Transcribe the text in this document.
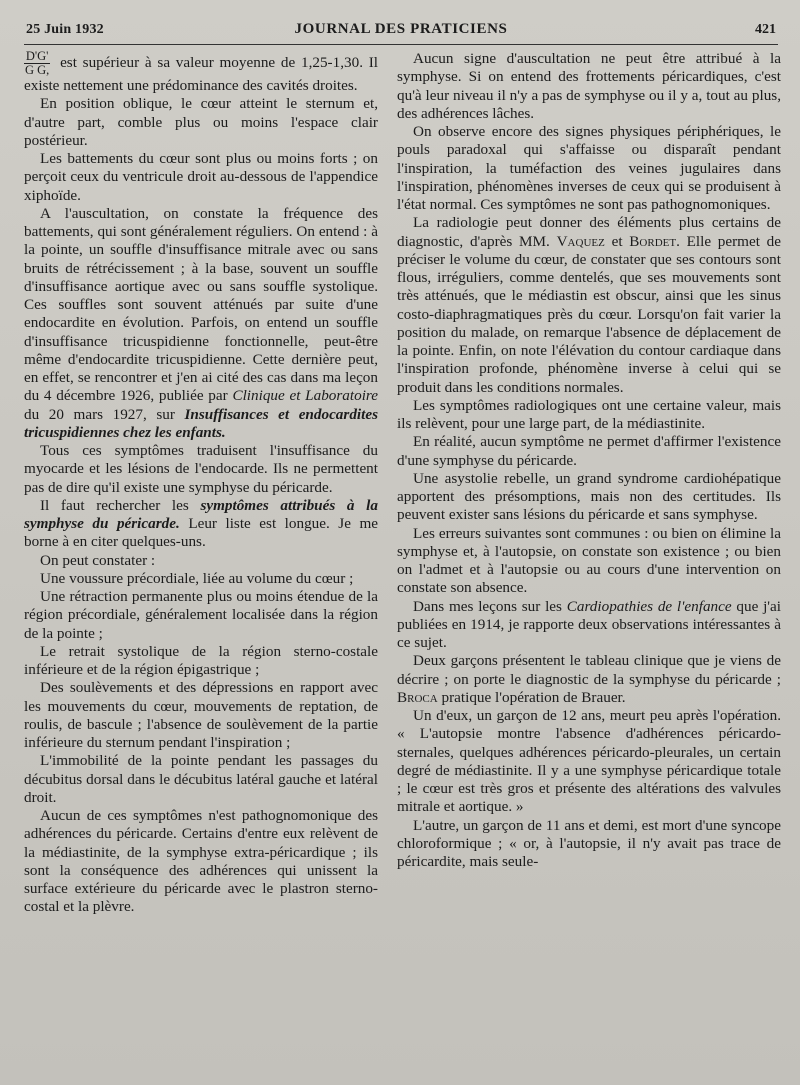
25 Juin 1932	JOURNAL DES PRATICIENS	421

$\frac{D'G'}{\text{G G,}}$ est supérieur à sa valeur moyenne de 1,25-1,30. Il existe nettement une prédominance des cavités droites.

En position oblique, le cœur atteint le sternum et, d'autre part, comble plus ou moins l'espace clair postérieur.

Les battements du cœur sont plus ou moins forts ; on perçoit ceux du ventricule droit au-dessous de l'appendice xiphoïde.

A l'auscultation, on constate la fréquence des battements, qui sont généralement réguliers. On entend : à la pointe, un souffle d'insuffisance mitrale avec ou sans bruits de rétrécissement ; à la base, souvent un souffle d'insuffisance aortique avec ou sans souffle systolique. Ces souffles sont souvent atténués par suite d'une endocardite en évolution. Parfois, on entend un souffle d'insuffisance tricuspidienne fonctionnelle, peut-être même d'endocardite tricuspidienne. Cette dernière peut, en effet, se rencontrer et j'en ai cité des cas dans ma leçon du 4 décembre 1926, publiée par Clinique et Laboratoire du 20 mars 1927, sur Insuffisances et endocardites tricuspidiennes chez les enfants.

Tous ces symptômes traduisent l'insuffisance du myocarde et les lésions de l'endocarde. Ils ne permettent pas de dire qu'il existe une symphyse du péricarde.

Il faut rechercher les symptômes attribués à la symphyse du péricarde. Leur liste est longue. Je me borne à en citer quelques-uns.

On peut constater :

Une voussure précordiale, liée au volume du cœur ;

Une rétraction permanente plus ou moins étendue de la région précordiale, généralement localisée dans la région de la pointe ;

Le retrait systolique de la région sterno-costale inférieure et de la région épigastrique ;

Des soulèvements et des dépressions en rapport avec les mouvements du cœur, mouvements de reptation, de roulis, de bascule ; l'absence de soulèvement de la partie inférieure du sternum pendant l'inspiration ;

L'immobilité de la pointe pendant les passages du décubitus dorsal dans le décubitus latéral gauche et latéral droit.

Aucun de ces symptômes n'est pathognomonique des adhérences du péricarde. Certains d'entre eux relèvent de la médiastinite, de la symphyse extra-péricardique ; ils sont la conséquence des adhérences qui unissent la surface extérieure du péricarde avec le plastron sterno-costal et la plèvre.

Aucun signe d'auscultation ne peut être attribué à la symphyse. Si on entend des frottements péricardiques, c'est qu'à leur niveau il n'y a pas de symphyse ou il y a, tout au plus, des adhérences lâches.

On observe encore des signes physiques périphériques, le pouls paradoxal qui s'affaisse ou disparaît pendant l'inspiration, la tuméfaction des veines jugulaires dans l'inspiration, phénomènes inverses de ceux qui se produisent à l'état normal. Ces symptômes ne sont pas pathognomoniques.

La radiologie peut donner des éléments plus certains de diagnostic, d'après MM. Vaquez et Bordet. Elle permet de préciser le volume du cœur, de constater que ses contours sont flous, irréguliers, comme dentelés, que ses mouvements sont très atténués, que le médiastin est obscur, ainsi que les sinus costo-diaphragmatiques près du cœur. Lorsqu'on fait varier la position du malade, on remarque l'absence de déplacement de la pointe. Enfin, on note l'élévation du contour cardiaque dans l'inspiration profonde, phénomène inverse à celui qui se produit dans les conditions normales.

Les symptômes radiologiques ont une certaine valeur, mais ils relèvent, pour une large part, de la médiastinite.

En réalité, aucun symptôme ne permet d'affirmer l'existence d'une symphyse du péricarde.

Une asystolie rebelle, un grand syndrome cardiohépatique apportent des présomptions, mais non des certitudes. Ils peuvent exister sans lésions du péricarde et sans symphyse.

Les erreurs suivantes sont communes : ou bien on élimine la symphyse et, à l'autopsie, on constate son existence ; ou bien on l'admet et à l'autopsie ou au cours d'une intervention on constate son absence.

Dans mes leçons sur les Cardiopathies de l'enfance que j'ai publiées en 1914, je rapporte deux observations intéressantes à ce sujet.

Deux garçons présentent le tableau clinique que je viens de décrire ; on porte le diagnostic de la symphyse du péricarde ; Broca pratique l'opération de Brauer.

Un d'eux, un garçon de 12 ans, meurt peu après l'opération. « L'autopsie montre l'absence d'adhérences péricardo-sternales, quelques adhérences péricardo-pleurales, un certain degré de médiastinite. Il y a une symphyse péricardique totale ; le cœur est très gros et présente des altérations des valvules mitrale et aortique. »

L'autre, un garçon de 11 ans et demi, est mort d'une syncope chloroformique ; « or, à l'autopsie, il n'y avait pas trace de péricardite, mais seule-
